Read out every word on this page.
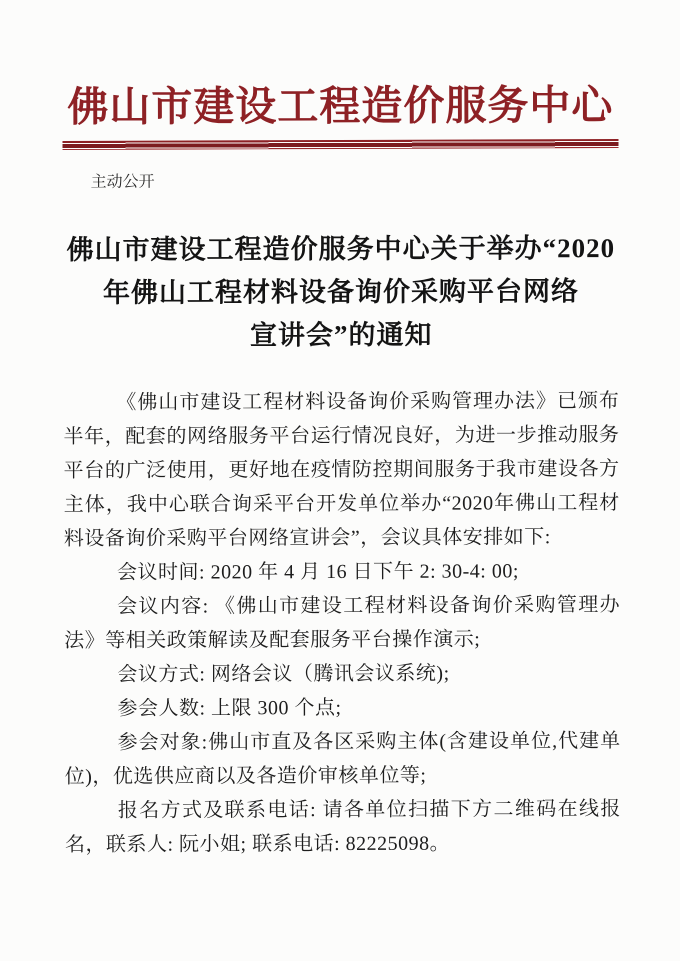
佛山市建设工程造价服务中心
主动公开
佛山市建设工程造价服务中心关于举办“2020
年佛山工程材料设备询价采购平台网络
宣讲会”的通知

《佛山市建设工程材料设备询价采购管理办法》已颁布半年，配套的网络服务平台运行情况良好，为进一步推动服务平台的广泛使用，更好地在疫情防控期间服务于我市建设各方主体，我中心联合询采平台开发单位举办“2020年佛山工程材料设备询价采购平台网络宣讲会”，会议具体安排如下:

会议时间: 2020 年 4 月 16 日下午 2: 30-4: 00;

会议内容: 《佛山市建设工程材料设备询价采购管理办法》等相关政策解读及配套服务平台操作演示;

会议方式: 网络会议（腾讯会议系统);

参会人数: 上限 300 个点;

参会对象:佛山市直及各区采购主体(含建设单位,代建单位)，优选供应商以及各造价审核单位等;

报名方式及联系电话: 请各单位扫描下方二维码在线报名，联系人: 阮小姐; 联系电话: 82225098。
